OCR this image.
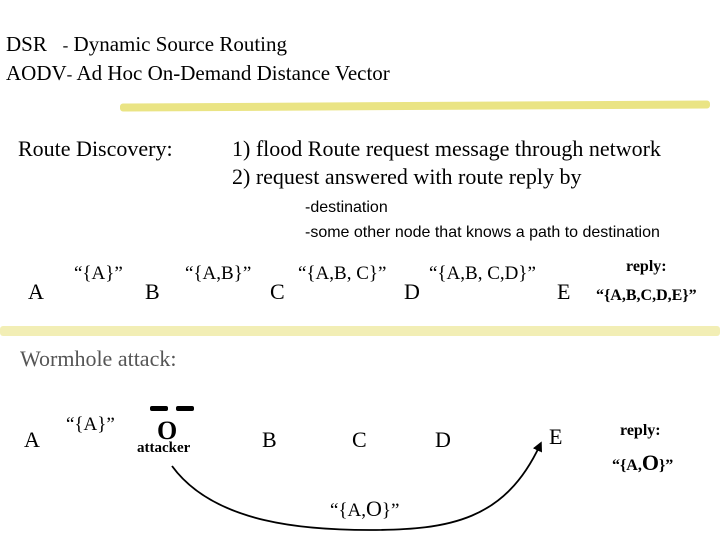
DSR - Dynamic Source Routing
AODV- Ad Hoc On-Demand Distance Vector
Route Discovery:	1) flood Route request message through network
2) request answered with route reply by
-destination
-some other node that knows a path to destination
A	B	C	D	E
“{A}”	“{A,B}” “{A,B, C}” “{A,B, C,D}”	reply:
“{A,B,C,D,E}”
Wormhole attack:
A
“{A}” O
attacker	B	C	D	E
“{A,O}”
reply:
“{A,O}”
